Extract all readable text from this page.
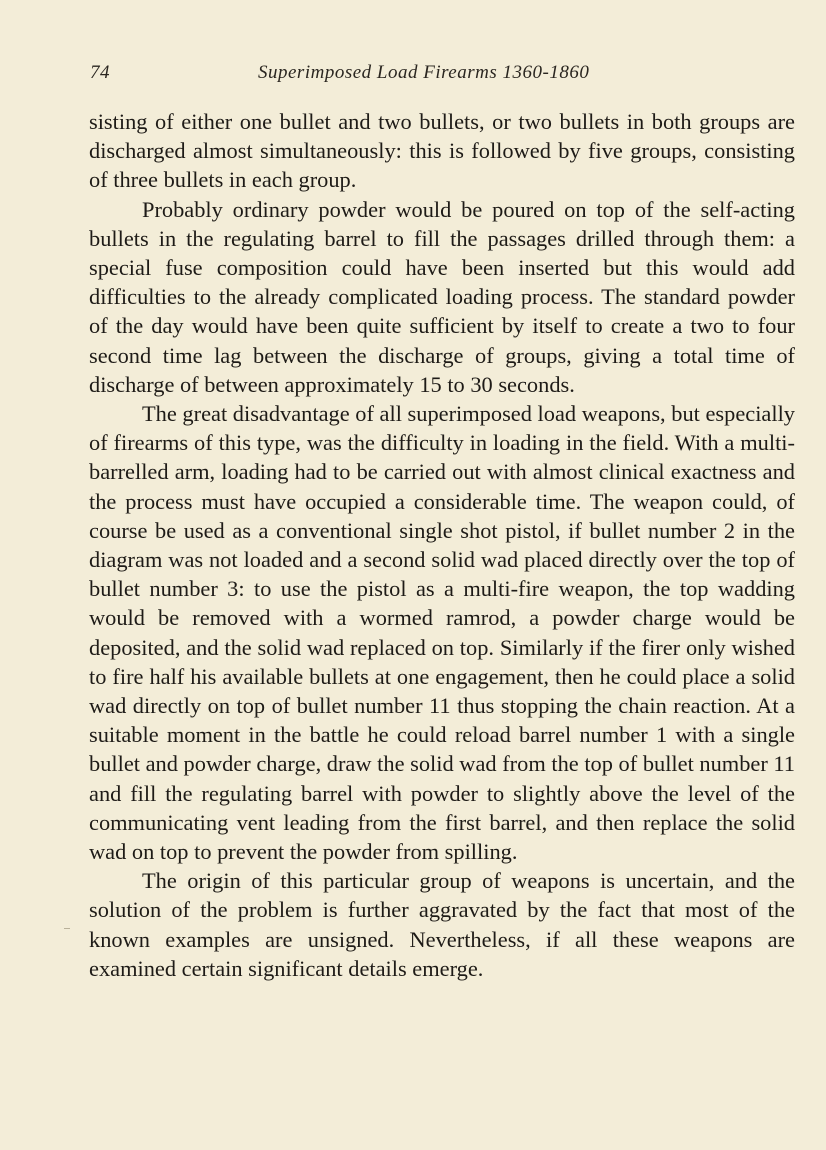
74	Superimposed Load Firearms 1360-1860

sisting of either one bullet and two bullets, or two bullets in both groups are discharged almost simultaneously: this is followed by five groups, consisting of three bullets in each group.

Probably ordinary powder would be poured on top of the self-acting bullets in the regulating barrel to fill the passages drilled through them: a special fuse composition could have been inserted but this would add difficulties to the already complicated loading process. The standard powder of the day would have been quite sufficient by itself to create a two to four second time lag between the discharge of groups, giving a total time of discharge of between approximately 15 to 30 seconds.

The great disadvantage of all superimposed load weapons, but especially of firearms of this type, was the difficulty in loading in the field. With a multi-barrelled arm, loading had to be carried out with almost clinical exactness and the process must have occupied a considerable time. The weapon could, of course be used as a conventional single shot pistol, if bullet number 2 in the diagram was not loaded and a second solid wad placed directly over the top of bullet number 3: to use the pistol as a multi-fire weapon, the top wadding would be removed with a wormed ramrod, a powder charge would be deposited, and the solid wad replaced on top. Similarly if the firer only wished to fire half his available bullets at one engagement, then he could place a solid wad directly on top of bullet number 11 thus stopping the chain reaction. At a suitable moment in the battle he could reload barrel number 1 with a single bullet and powder charge, draw the solid wad from the top of bullet number 11 and fill the regulating barrel with powder to slightly above the level of the communicating vent leading from the first barrel, and then replace the solid wad on top to prevent the powder from spilling.

The origin of this particular group of weapons is uncertain, and the solution of the problem is further aggravated by the fact that most of the known examples are unsigned. Nevertheless, if all these weapons are examined certain significant details emerge.
